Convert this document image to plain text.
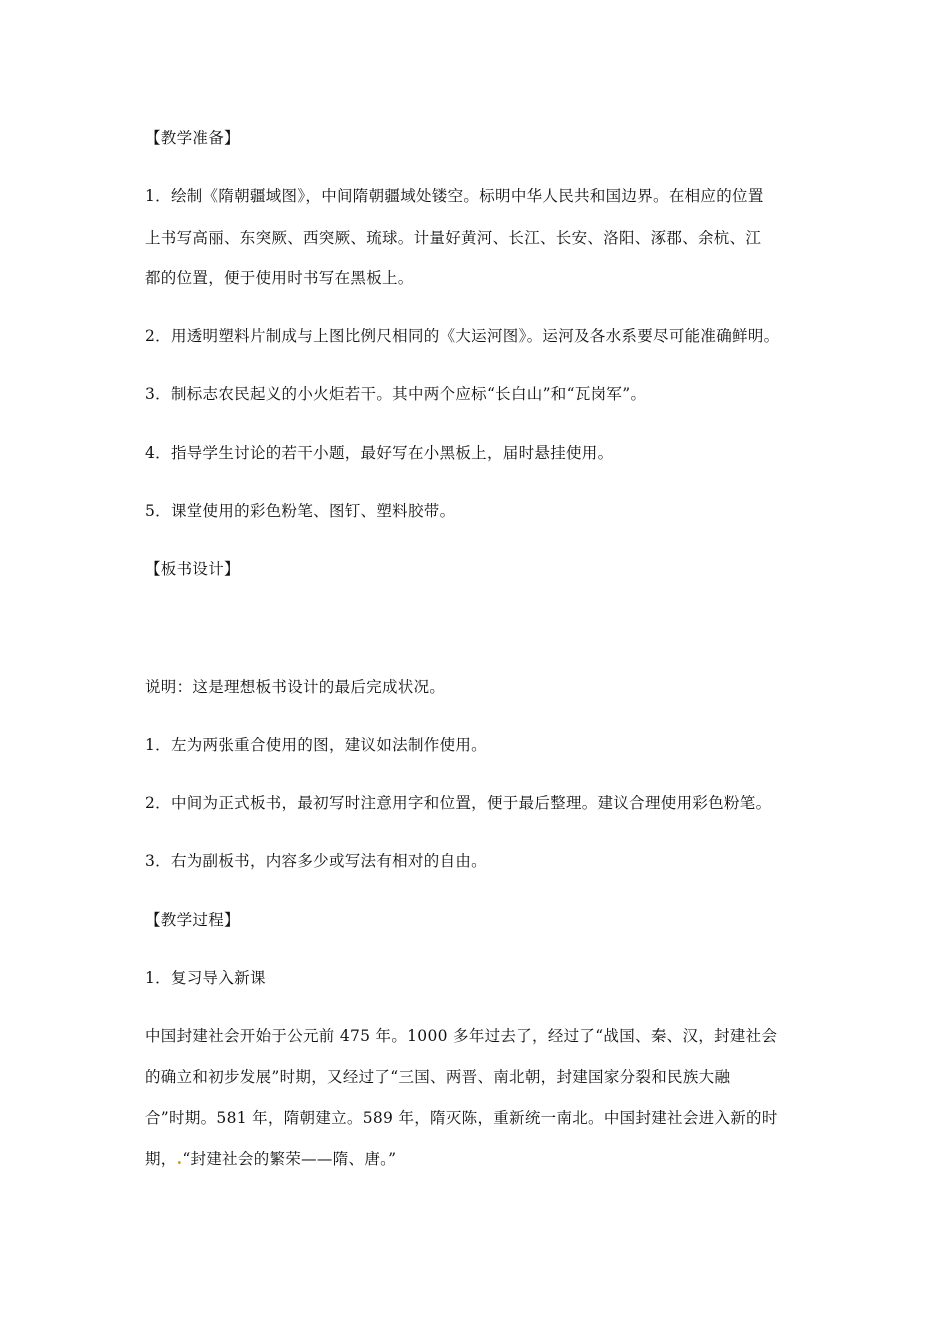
【教学准备】
1．绘制《隋朝疆域图》，中间隋朝疆域处镂空。标明中华人民共和国边界。在相应的位置
上书写高丽、东突厥、西突厥、琉球。计量好黄河、长江、长安、洛阳、涿郡、余杭、江
都的位置，便于使用时书写在黑板上。
2．用透明塑料片制成与上图比例尺相同的《大运河图》。运河及各水系要尽可能准确鲜明。
3．制标志农民起义的小火炬若干。其中两个应标“长白山”和“瓦岗军”。
4．指导学生讨论的若干小题，最好写在小黑板上，届时悬挂使用。
5．课堂使用的彩色粉笔、图钉、塑料胶带。
【板书设计】
说明：这是理想板书设计的最后完成状况。
1．左为两张重合使用的图，建议如法制作使用。
2．中间为正式板书，最初写时注意用字和位置，便于最后整理。建议合理使用彩色粉笔。
3．右为副板书，内容多少或写法有相对的自由。
【教学过程】
1．复习导入新课
中国封建社会开始于公元前 475 年。1000 多年过去了，经过了“战国、秦、汉，封建社会
的确立和初步发展”时期，又经过了“三国、两晋、南北朝，封建国家分裂和民族大融
合”时期。581 年，隋朝建立。589 年，隋灭陈，重新统一南北。中国封建社会进入新的时
期，.“封建社会的繁荣——隋、唐。”
